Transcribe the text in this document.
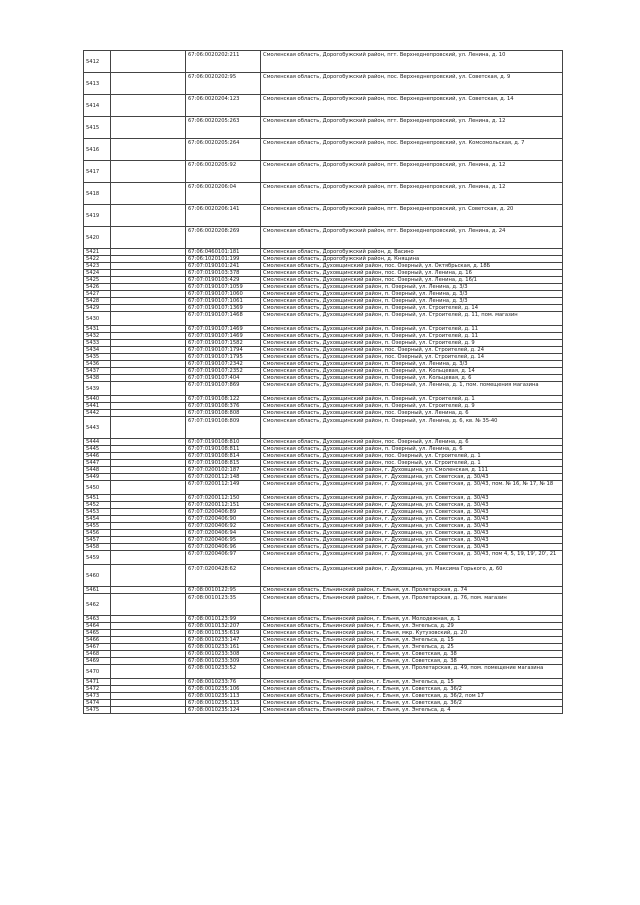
5412		67:06:0020202:211	Смоленская область, Дорогобужский район, пгт. Верхнеднепровский, ул. Ленина, д. 10
5413		67:06:0020202:95	Смоленская область, Дорогобужский район, пос. Верхнеднепровский, ул. Советская, д. 9
5414		67:06:0020204:123	Смоленская область, Дорогобужский район, пос. Верхнеднепровский, ул. Советская, д. 14
5415		67:06:0020205:263	Смоленская область, Дорогобужский район, пгт. Верхнеднепровский, ул. Ленина, д. 12
5416		67:06:0020205:264	Смоленская область, Дорогобужский район, пос. Верхнеднепровский, ул. Комсомольская, д. 7
5417		67:06:0020205:92	Смоленская область, Дорогобужский район, пгт. Верхнеднепровский, ул. Ленина, д. 12
5418		67:06:0020206:04	Смоленская область, Дорогобужский район, пгт. Верхнеднепровский, ул. Ленина, д. 12
5419		67:06:0020206:141	Смоленская область, Дорогобужский район, пгт. Верхнеднепровский, ул. Советская, д. 20
5420		67:06:0020208:269	Смоленская область, Дорогобужский район, пгт. Верхнеднепровский, ул. Ленина, д. 24
5421		67:06:0460101:181	Смоленская область, Дорогобужский район, д. Васино
5422		67:06:1020101:199	Смоленская область, Дорогобужский район, д. Княщина
5423		67:07:0190101:241	Смоленская область, Духовщинский район, пос. Озерный, ул. Октябрьская, д. 18Б
5424		67:07:0190103:378	Смоленская область, Духовщинский район, пос. Озерный, ул. Ленина, д. 16
5425		67:07:0190103:429	Смоленская область, Духовщинский район, пос. Озерный, ул. Ленина, д. 16/1
5426		67:07:0190107:1059	Смоленская область, Духовщинский район, п. Озерный, ул. Ленина, д. 3/3
5427		67:07:0190107:1060	Смоленская область, Духовщинский район, п. Озерный, ул. Ленина, д. 3/3
5428		67:07:0190107:1061	Смоленская область, Духовщинский район, п. Озерный, ул. Ленина, д. 3/3
5429		67:07:0190107:1369	Смоленская область, Духовщинский район, п. Озерный, ул. Строителей, д. 14
5430		67:07:0190107:1468	Смоленская область, Духовщинский район, п. Озерный, ул. Строителей, д. 11, пом. магазин
5431		67:07:0190107:1469	Смоленская область, Духовщинский район, п. Озерный, ул. Строителей, д. 11
5432		67:07:0190107:1469	Смоленская область, Духовщинский район, п. Озерный, ул. Строителей, д. 11
5433		67:07:0190107:1582	Смоленская область, Духовщинский район, п. Озерный, ул. Строителей, д. 9
5434		67:07:0190107:1794	Смоленская область, Духовщинский район, пос. Озерный, ул. Строителей, д. 24
5435		67:07:0190107:1795	Смоленская область, Духовщинский район, пос. Озерный, ул. Строителей, д. 14
5436		67:07:0190107:2342	Смоленская область, Духовщинский район, п. Озерный, ул. Ленина, д. 3/3
5437		67:07:0190107:2352	Смоленская область, Духовщинский район, п. Озерный, ул. Кольцевая, д. 14
5438		67:07:0190107:404	Смоленская область, Духовщинский район, п. Озерный, ул. Кольцевая, д. 6
5439		67:07:0190107:869	Смоленская область, Духовщинский район, п. Озерный, ул. Ленина, д. 1, пом. помещения магазина
5440		67:07:0190108:122	Смоленская область, Духовщинский район, п. Озерный, ул. Строителей, д. 1
5441		67:07:0190108:376	Смоленская область, Духовщинский район, п. Озерный, ул. Строителей, д. 9
5442		67:07:0190108:808	Смоленская область, Духовщинский район, пос. Озерный, ул. Ленина, д. 6
5443		67:07:0190108:809	Смоленская область, Духовщинский район, п. Озерный, ул. Ленина, д. 6, кв. № 35-40
5444		67:07:0190108:810	Смоленская область, Духовщинский район, пос. Озерный, ул. Ленина, д. 6
5445		67:07:0190108:811	Смоленская область, Духовщинский район, п. Озерный, ул. Ленина, д. 6
5446		67:07:0190108:814	Смоленская область, Духовщинский район, пос. Озерный, ул. Строителей, д. 1
5447		67:07:0190108:815	Смоленская область, Духовщинский район, пос. Озерный, ул. Строителей, д. 1
5448		67:07:0200102:187	Смоленская область, Духовщинский район, г. Духовщина, ул. Смоленская, д. 111
5449		67:07:0200112:148	Смоленская область, Духовщинский район, г. Духовщина, ул. Советская, д. 30/43
5450		67:07:0200112:149	Смоленская область, Духовщинский район, г. Духовщина, ул. Советская, д. 30/43, пом. № 16, № 17, № 18
5451		67:07:0200112:150	Смоленская область, Духовщинский район, г. Духовщина, ул. Советская, д. 30/43
5452		67:07:0200112:151	Смоленская область, Духовщинский район, г. Духовщина, ул. Советская, д. 30/43
5453		67:07:0200406:89	Смоленская область, Духовщинский район, г. Духовщина, ул. Советская, д. 30/43
5454		67:07:0200406:90	Смоленская область, Духовщинский район, г. Духовщина, ул. Советская, д. 30/43
5455		67:07:0200406:92	Смоленская область, Духовщинский район, г. Духовщина, ул. Советская, д. 30/43
5456		67:07:0200406:94	Смоленская область, Духовщинский район, г. Духовщина, ул. Советская, д. 30/43
5457		67:07:0200406:95	Смоленская область, Духовщинский район, г. Духовщина, ул. Советская, д. 30/43
5458		67:07:0200406:96	Смоленская область, Духовщинский район, г. Духовщина, ул. Советская, д. 30/43
5459		67:07:0200406:97	Смоленская область, Духовщинский район, г. Духовщина, ул. Советская, д. 30/43, пом 4, 5, 19, 19', 20', 21
5460		67:07:0200428:62	Смоленская область, Духовщинский район, г. Духовщина, ул. Максима Горького, д. 60
5461		67:08:0010122:95	Смоленская область, Ельнинский район, г. Ельня, ул. Пролетарская, д. 74
5462		67:08:0010123:35	Смоленская область, Ельнинский район, г. Ельня, ул. Пролетарская, д. 76, пом. магазин
5463		67:08:0010123:99	Смоленская область, Ельнинский район, г. Ельня, ул. Молодежная, д. 1
5464		67:08:0010132:207	Смоленская область, Ельнинский район, г. Ельня, ул. Энгельса, д. 29
5465		67:08:0010135:619	Смоленская область, Ельнинский район, г. Ельня, мкр. Кутузовский, д. 20
5466		67:08:0010233:147	Смоленская область, Ельнинский район, г. Ельня, ул. Энгельса, д. 15
5467		67:08:0010233:161	Смоленская область, Ельнинский район, г. Ельня, ул. Энгельса, д. 25
5468		67:08:0010233:308	Смоленская область, Ельнинский район, г. Ельня, ул. Советская, д. 38
5469		67:08:0010233:309	Смоленская область, Ельнинский район, г. Ельня, ул. Советская, д. 38
5470		67:08:0010233:52	Смоленская область, Ельнинский район, г. Ельня, ул. Пролетарская, д. 49, пом. помещение магазина
5471		67:08:0010233:76	Смоленская область, Ельнинский район, г. Ельня, ул. Энгельса, д. 15
5472		67:08:0010235:106	Смоленская область, Ельнинский район, г. Ельня, ул. Советская, д. 36/2
5473		67:08:0010235:113	Смоленская область, Ельнинский район, г. Ельня, ул. Советская, д. 36/2, пом 17
5474		67:08:0010235:115	Смоленская область, Ельнинский район, г. Ельня, ул. Советская, д. 36/2
5475		67:08:0010235:124	Смоленская область, Ельнинский район, г. Ельня, ул. Энгельса, д. 4
